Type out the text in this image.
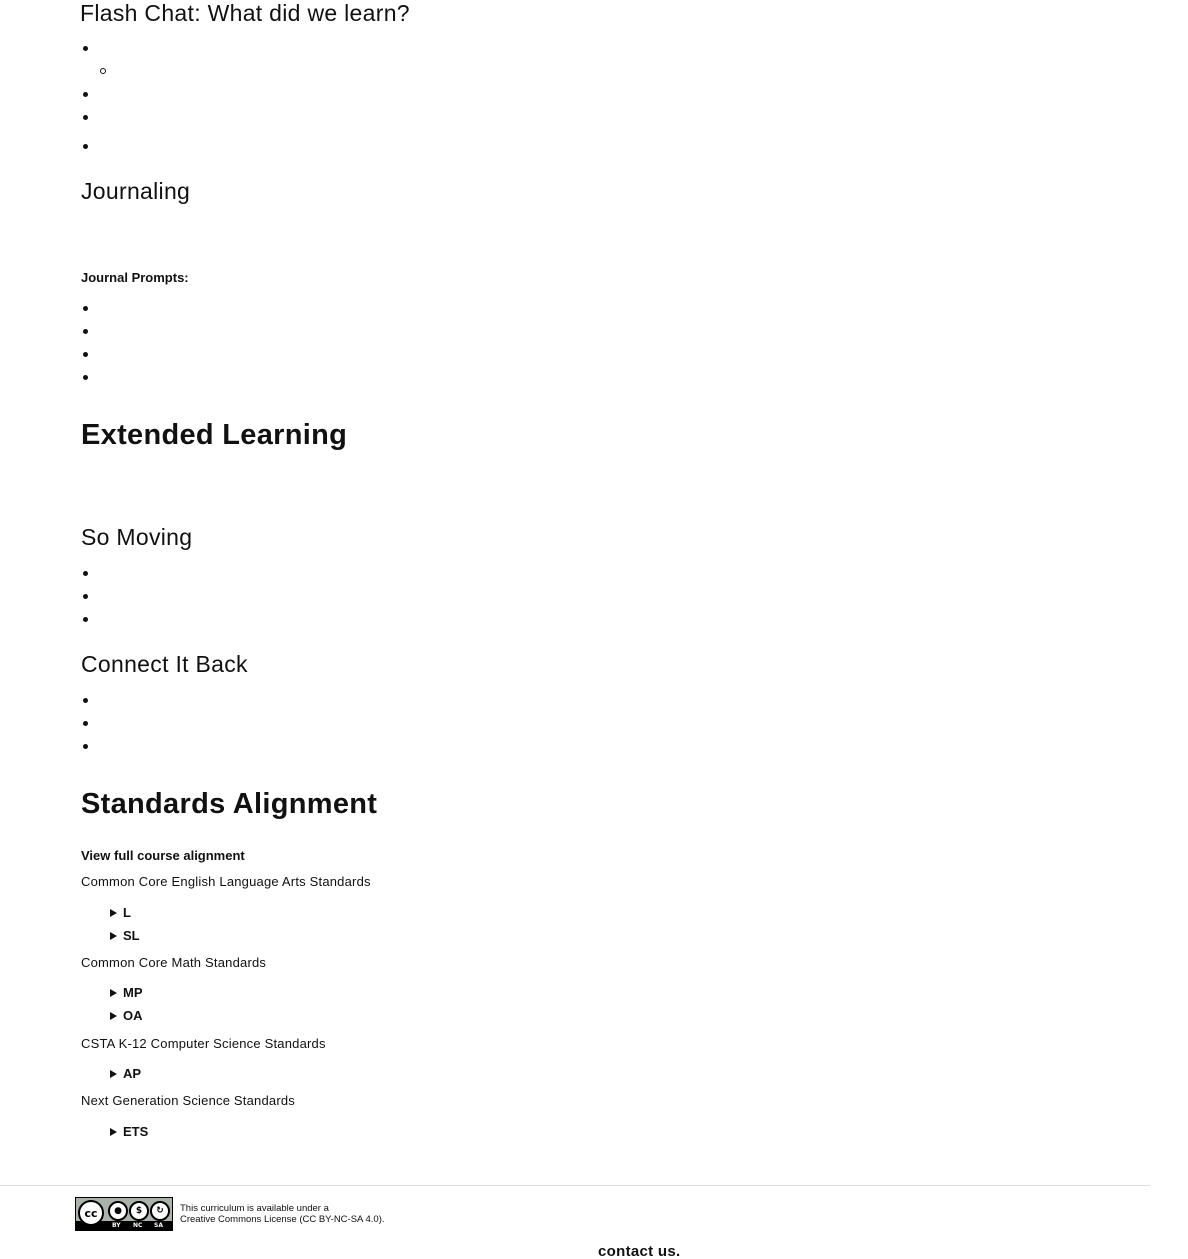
Flash Chat: What did we learn?
Journaling
Journal Prompts:
Extended Learning
So Moving
Connect It Back
Standards Alignment
View full course alignment
Common Core English Language Arts Standards
L
SL
Common Core Math Standards
MP
OA
CSTA K-12 Computer Science Standards
AP
Next Generation Science Standards
ETS
cc	●	$	↻
BY NC SA
This curriculum is available under a
Creative Commons License (CC BY-NC-SA 4.0).
contact us.
